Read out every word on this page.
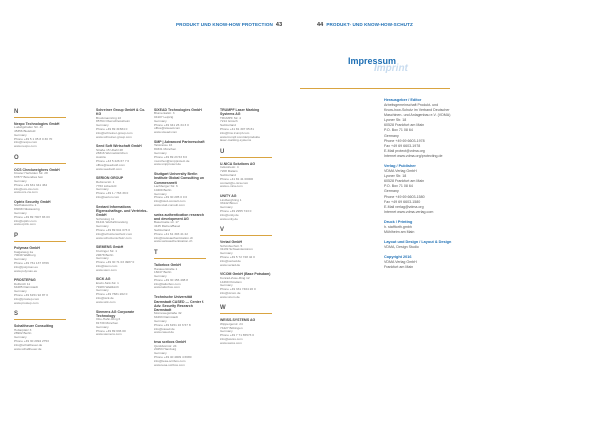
PRODUKT UND KNOW-HOW PROTECTION 43
N
Nexpo Technologies GmbH
Ludwigshafen Str. 41
45356 Bielefeld
Germany
Phone +49 5 1 05 8 0 30 70
info@nexpo.com
www.nexpo.com
O
OCS Checkweighers GmbH
Kloster Herfelden Str. 28
67877 Botendies fein
Germany
Phone +49 631 341 464
info@ocs-cw.com
www.ocs-cw.com
Optrix Security GmbH
Steilhalweiche 1
83098 Nikolaus/ng
Germany
Phone +49 89 7907 83 03
info@optrix.com
www.optrix.com
P
Polymax GmbH
Kaigarweg 1a
70049 Wallburg
Germany
Phone +49 761 137 9766
info@polymax.eu
www.polymax.eu
PROSTEPAG
Dolbnich 11
64285 Darmstadt
Germany
Phone +49 6151 92 87 0
info@prostep.com
www.prostep.com
S
Schaltheuer Consulting
Holtarplatz 3
28902 Berlin
Germany
Phone +49 30 2094 2753
info@schaltheuer.de
www.schaltheuer.de
Schreiner Group GmbH & Co. KG
Bruckmannring 22
85764 Oberschleissheim
Germany
Phone +49 89 31584 0
info@schreiner-group.com
www.schreiner-group.com
Seed Soft Wirtschaft GmbH
Straße 15 Ubahl 48
28316 Wermelskirchen
Austria
Phone +43 5 226 67 7 0
office@seedsoft.com
www.seedsoft.com
SERION GROUP
Rebsnerstr. 1
7763 Lübeck/d
Germany
Phone +49 1 / 763 39 0
info@serion.com
Sextant Informations Eigenschaftsge- und Vertriebs-GmbH
Schütdorg 11
81441 Wetfurtbrandorg
Germany
Phone +49 89 641 073 0
info@schutzenschutz.com
www.schutzenschutz.com
SIEMENS GmbH
Kluzinger Str. 1
29678 Berlin
Germany
Phone +49 30 71 03 4987 0
info@siem.com
www.siem.com
SICK AG
Erwin-Sick-Str. 1
79183 Waldkirch
Germany
Phone +49 7681 202 0
info@sick.de
www.sick.com
Siemens AG Corporate Technology
Otto-Hahn-Ring 6
81739 München
Germany
Phone +49 89 636 00
www.siemens.com
SIXEAD Technologies GmbH
Blumentalstr. 3
04107 Leipzig
Germany
Phone +49 341 26 34 3 0
office@sixead.com
www.sixead.com
SMP | Advanced Partnerschaft
Talstrasse 16
80331 München
Germany
Phone +49 89 23 53 8 0
munchen@smpprotect.de
www.smpprotect.de
Stuttgart University Berlin Institute Global Consulting un Commerzwelt
Lachberger Str. 6
10409 Berlin
Germany
Phone +49 30 205 0 0 0
info@stud-consult.com
www.stud-consult.com
swiss authentication research and development AG
Baselmatte str. 17
4125 Riehen/Basel
Switzerland
Phone +41 61 303 41 22
info@swissauthentication.ch
www.swissauthentication.ch
T
Tailorbox GmbH
Hanauerstraße 1
16047 Berlin
Germany
Phone +49 30 156 498 8
info@tailorbox.com
www.tailorbox.com
Technische Universität Darmstadt CASED — Center f. Adv. Security Research Darmstadt
Mornewegstraße 32
64293 Darmstadt
Germany
Phone +49 6151 16 6 57 8
info@cased.de
www.cased.de
tesa scribos GmbH
Quickbornstr. 24
20253 Hamburg
Germany
Phone +49 40 4909 4 6680
info@tesa-scribos.com
www.tesa-scribos.com
TRUMPF Laser Marking Systems AG
TRUMPF Str. 4
7214 Grüsch
Switzerland
Phone +41 81 307 65 81
info@lms.trumpf.com
www.trumpf.com/de/produkte
laser-marking-systems
U
U-NICA Solutions AG
Industriestr. 4
7208 Malans
Switzerland
Phone +41 81 41 00000
contact@u-nica.com
www.u-nica.com
UNITY AG
Lindberghring 1
33142 Büren
Germany
Phone +49 2955 743 0
info@unity.de
www.unity.de
V
Veriad GmbH
Schönbuchstr. 5
31139 Schweinlenstrom
Germany
Phone +49 5 72 728 42 0
info@veriad.de
www.veriad.de
VICOM GmbH (Base Potsdam)
Konrad-Zuse-Ring 12
14469 Potsdam
Germany
Phone +49 331 7464 20 0
info@vicom.de
www.vicom.de
W
WEISS-SYSTEMS AG
Wippergerstr. 24
74427 Böbingen
Germany
Phone +49 7 71 65573 0
info@weiss.com
www.weiss.com
44 PRODUKT- UND KNOW-HOW-SCHUTZ
Imprint
Impressum
Herausgeber / Editor
Arbeitsgemeinschaft Produkt- und
Know-how-Schutz im Verband Deutscher
Maschinen- und Anlagenbau e.V. (VDMA)
Lyoner Str. 18
60528 Frankfurt am Main
P.O. Box 71 08 64
Germany
Phone +49 69 6603-1978
Fax +49 69 6603-1978
E-Mail protect@vdma.org
Internet www.vdma.org/protecting.de
Verlag / Publisher
VDMA Verlag GmbH
Lyoner Str. 18
60528 Frankfurt am Main
P.O. Box 71 08 64
Germany
Phone +49 69 6603-1580
Fax +49 69 6603-1580
E-Mail verlag@vdma.org
Internet www.vdma-verlag.com
Druck / Printing
h. stafftorth.gmbh
Mühlheim am Main
Layout und Design / Layout & Design
VDMA, Design Studio
Copyright 2016
VDMA Verlag GmbH
Frankfurt am Main
